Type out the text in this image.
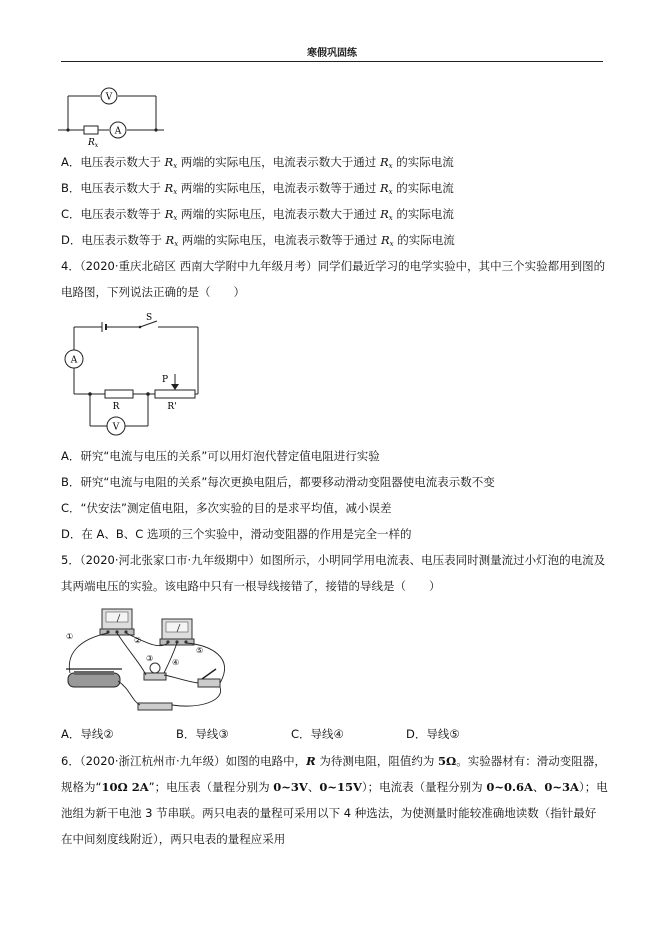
寒假巩固练
V
A
$R_x$
A．电压表示数大于 $R_x$ 两端的实际电压，电流表示数大于通过 $R_x$ 的实际电流
B．电压表示数大于 $R_x$ 两端的实际电压，电流表示数等于通过 $R_x$ 的实际电流
C．电压表示数等于 $R_x$ 两端的实际电压，电流表示数大于通过 $R_x$ 的实际电流
D．电压表示数等于 $R_x$ 两端的实际电压，电流表示数等于通过 $R_x$ 的实际电流
4．（2020·重庆北碚区 西南大学附中九年级月考）同学们最近学习的电学实验中，其中三个实验都用到图的
电路图，下列说法正确的是（　　）
S
A
P
R	R'
V
A．研究“电流与电压的关系”可以用灯泡代替定值电阻进行实验
B．研究“电流与电阻的关系”每次更换电阻后，都要移动滑动变阻器使电流表示数不变
C．“伏安法”测定值电阻，多次实验的目的是求平均值，减小误差
D．在 A、B、C 选项的三个实验中，滑动变阻器的作用是完全一样的
5．（2020·河北张家口市·九年级期中）如图所示，小明同学用电流表、电压表同时测量流过小灯泡的电流及
其两端电压的实验。该电路中只有一根导线接错了，接错的导线是（　　）
①	②
③ ④
⑤
A．导线②	B．导线③	C．导线④	D．导线⑤
6．（2020·浙江杭州市·九年级）如图的电路中，R 为待测电阻，阻值约为 5Ω。实验器材有：滑动变阻器，
规格为“10Ω 2A”；电压表（量程分别为 0~3V、0~15V）；电流表（量程分别为 0~0.6A、0~3A）；电
池组为新干电池 3 节串联。两只电表的量程可采用以下 4 种选法，为使测量时能较准确地读数（指针最好
在中间刻度线附近），两只电表的量程应采用
